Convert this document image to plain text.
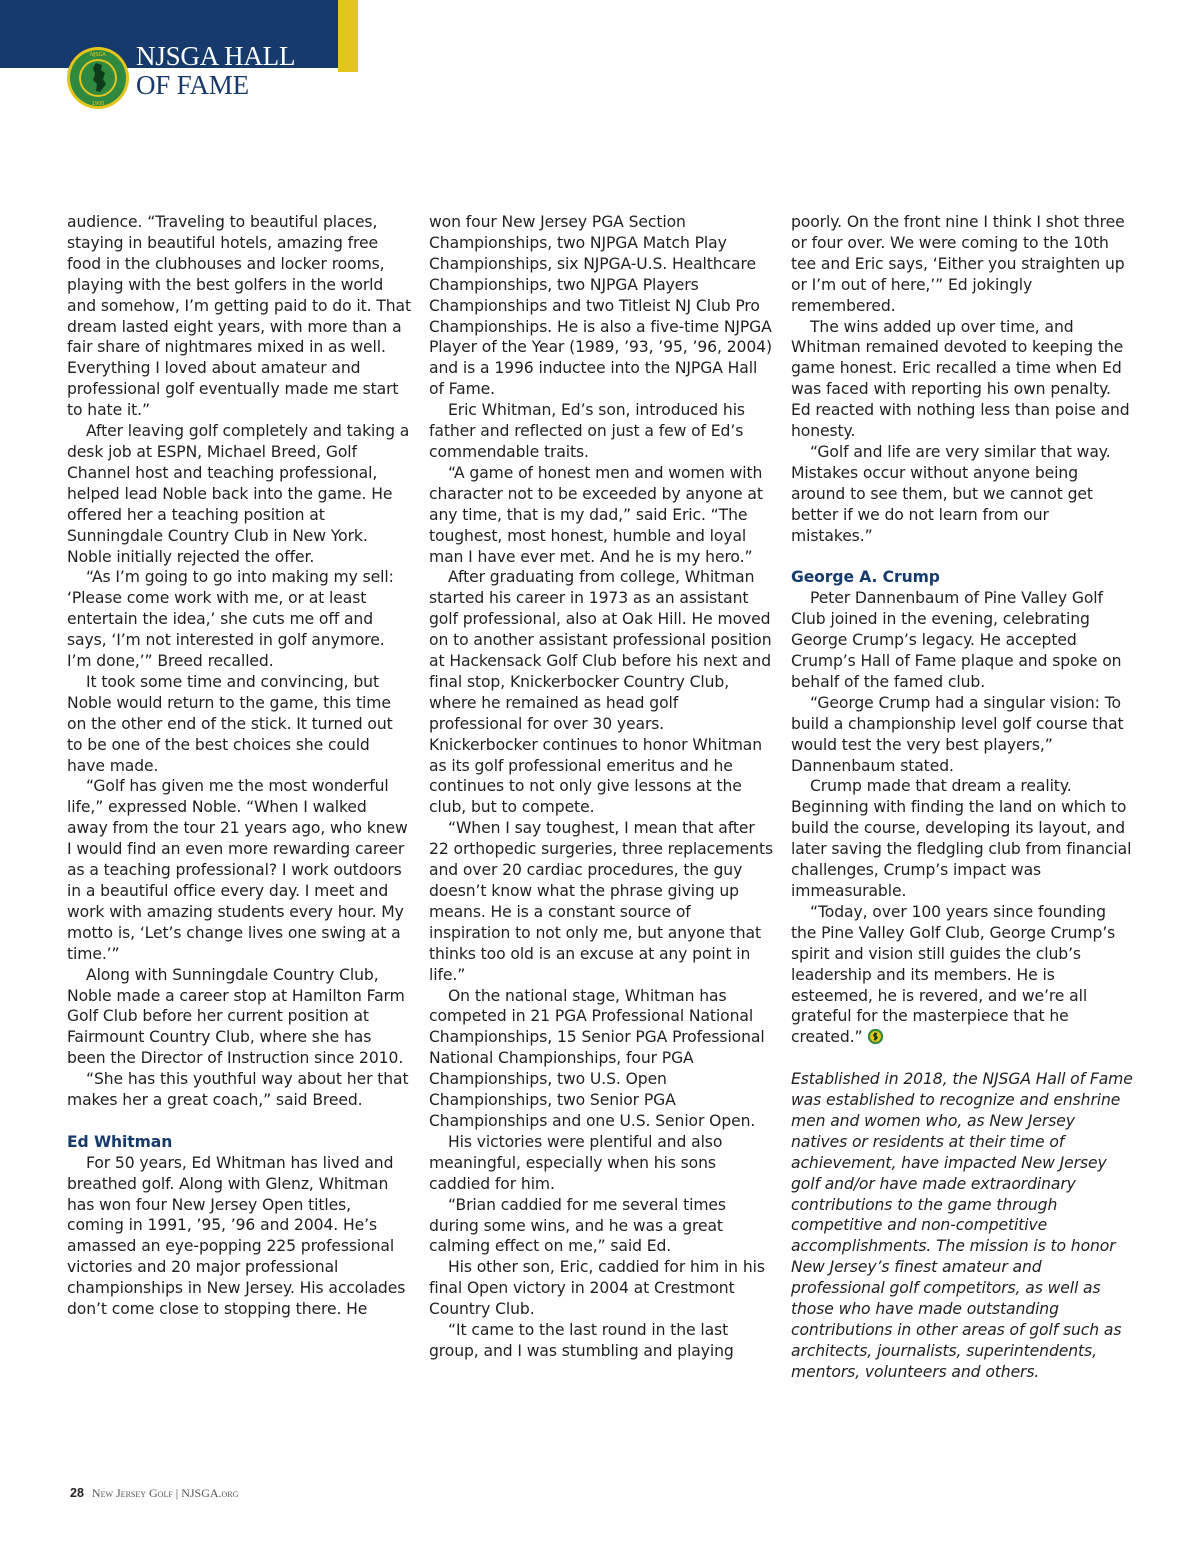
NJSGA
1900
NJSGA HALL
OF FAME

audience. “Traveling to beautiful places, staying in beautiful hotels, amazing free food in the clubhouses and locker rooms, playing with the best golfers in the world and somehow, I’m getting paid to do it. That dream lasted eight years, with more than a fair share of nightmares mixed in as well. Everything I loved about amateur and professional golf eventually made me start to hate it.”

After leaving golf completely and taking a desk job at ESPN, Michael Breed, Golf Channel host and teaching professional, helped lead Noble back into the game. He offered her a teaching position at Sunningdale Country Club in New York. Noble initially rejected the offer.

“As I’m going to go into making my sell: ‘Please come work with me, or at least entertain the idea,’ she cuts me off and says, ‘I’m not interested in golf anymore. I’m done,’” Breed recalled.

It took some time and convincing, but Noble would return to the game, this time on the other end of the stick. It turned out to be one of the best choices she could have made.

“Golf has given me the most wonderful life,” expressed Noble. “When I walked away from the tour 21 years ago, who knew I would find an even more rewarding career as a teaching professional? I work outdoors in a beautiful office every day. I meet and work with amazing students every hour. My motto is, ‘Let’s change lives one swing at a time.’”

Along with Sunningdale Country Club, Noble made a career stop at Hamilton Farm Golf Club before her current position at Fairmount Country Club, where she has been the Director of Instruction since 2010.

“She has this youthful way about her that makes her a great coach,” said Breed.

Ed Whitman

For 50 years, Ed Whitman has lived and breathed golf. Along with Glenz, Whitman has won four New Jersey Open titles, coming in 1991, ’95, ’96 and 2004. He’s amassed an eye-popping 225 professional victories and 20 major professional championships in New Jersey. His accolades don’t come close to stopping there. He

won four New Jersey PGA Section Championships, two NJPGA Match Play Championships, six NJPGA-U.S. Healthcare Championships, two NJPGA Players Championships and two Titleist NJ Club Pro Championships. He is also a five-time NJPGA Player of the Year (1989, ’93, ’95, ’96, 2004) and is a 1996 inductee into the NJPGA Hall of Fame.

Eric Whitman, Ed’s son, introduced his father and reflected on just a few of Ed’s commendable traits.

“A game of honest men and women with character not to be exceeded by anyone at any time, that is my dad,” said Eric. “The toughest, most honest, humble and loyal man I have ever met. And he is my hero.”

After graduating from college, Whitman started his career in 1973 as an assistant golf professional, also at Oak Hill. He moved on to another assistant professional position at Hackensack Golf Club before his next and final stop, Knickerbocker Country Club, where he remained as head golf professional for over 30 years. Knickerbocker continues to honor Whitman as its golf professional emeritus and he continues to not only give lessons at the club, but to compete.

“When I say toughest, I mean that after 22 orthopedic surgeries, three replacements and over 20 cardiac procedures, the guy doesn’t know what the phrase giving up means. He is a constant source of inspiration to not only me, but anyone that thinks too old is an excuse at any point in life.”

On the national stage, Whitman has competed in 21 PGA Professional National Championships, 15 Senior PGA Professional National Championships, four PGA Championships, two U.S. Open Championships, two Senior PGA Championships and one U.S. Senior Open.

His victories were plentiful and also meaningful, especially when his sons caddied for him.

“Brian caddied for me several times during some wins, and he was a great calming effect on me,” said Ed.

His other son, Eric, caddied for him in his final Open victory in 2004 at Crestmont Country Club.

“It came to the last round in the last group, and I was stumbling and playing

poorly. On the front nine I think I shot three or four over. We were coming to the 10th tee and Eric says, ‘Either you straighten up or I’m out of here,’” Ed jokingly remembered.

The wins added up over time, and Whitman remained devoted to keeping the game honest. Eric recalled a time when Ed was faced with reporting his own penalty. Ed reacted with nothing less than poise and honesty.

“Golf and life are very similar that way. Mistakes occur without anyone being around to see them, but we cannot get better if we do not learn from our mistakes.”

George A. Crump

Peter Dannenbaum of Pine Valley Golf Club joined in the evening, celebrating George Crump’s legacy. He accepted Crump’s Hall of Fame plaque and spoke on behalf of the famed club.

“George Crump had a singular vision: To build a championship level golf course that would test the very best players,” Dannenbaum stated.

Crump made that dream a reality. Beginning with finding the land on which to build the course, developing its layout, and later saving the fledgling club from financial challenges, Crump’s impact was immeasurable.

“Today, over 100 years since founding the Pine Valley Golf Club, George Crump’s spirit and vision still guides the club’s leadership and its members. He is esteemed, he is revered, and we’re all grateful for the masterpiece that he created.”

Established in 2018, the NJSGA Hall of Fame was established to recognize and enshrine men and women who, as New Jersey natives or residents at their time of achievement, have impacted New Jersey golf and/or have made extraordinary contributions to the game through competitive and non-competitive accomplishments. The mission is to honor New Jersey’s finest amateur and professional golf competitors, as well as those who have made outstanding contributions in other areas of golf such as architects, journalists, superintendents, mentors, volunteers and others.

28 New Jersey Golf | NJSGA.org
